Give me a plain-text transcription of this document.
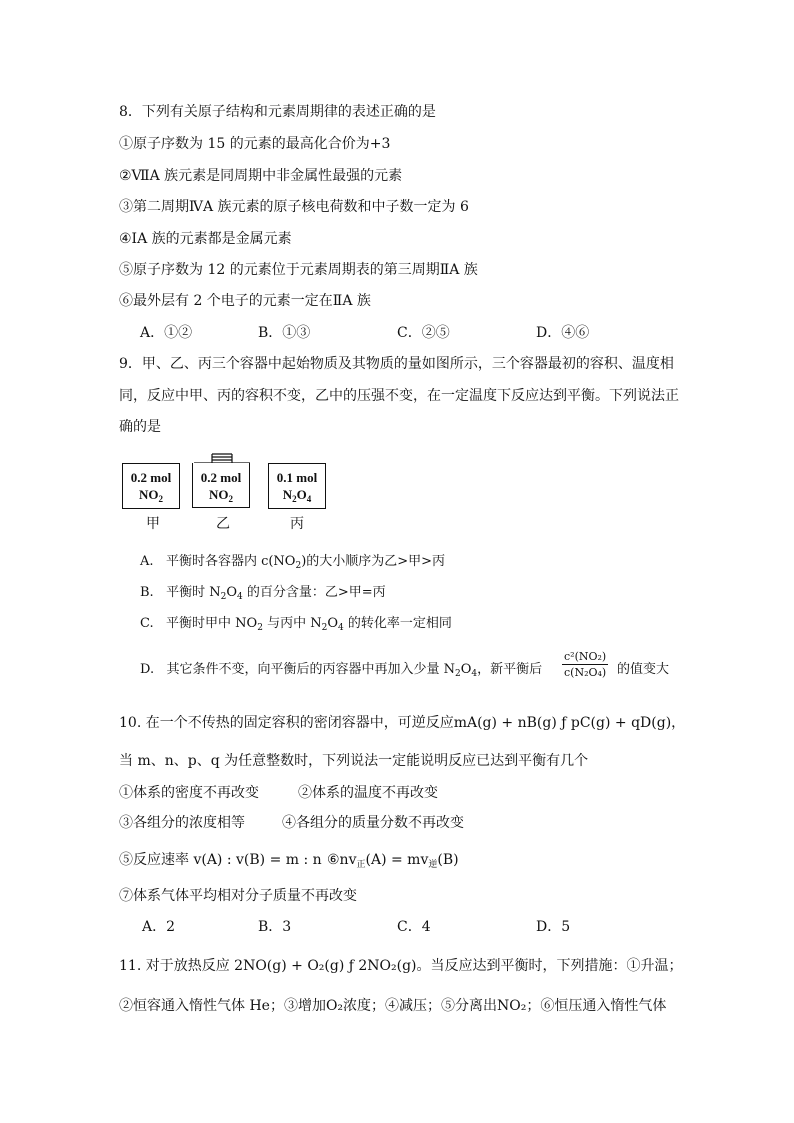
8．下列有关原子结构和元素周期律的表述正确的是
①原子序数为 15 的元素的最高化合价为+3
②ⅦA 族元素是同周期中非金属性最强的元素
③第二周期ⅣA 族元素的原子核电荷数和中子数一定为 6
④ⅠA 族的元素都是金属元素
⑤原子序数为 12 的元素位于元素周期表的第三周期ⅡA 族
⑥最外层有 2 个电子的元素一定在ⅡA 族
A．①②	B．①③	C．②⑤	D．④⑥
9．甲、乙、丙三个容器中起始物质及其物质的量如图所示，三个容器最初的容积、温度相
同，反应中甲、丙的容积不变，乙中的压强不变，在一定温度下反应达到平衡。下列说法正
确的是
0.2 mol
$NO_2$
甲
0.2 mol
$NO_2$
乙
0.1 mol
$N_2O_4$
丙
A. 平衡时各容器内 $c(NO_2)$的大小顺序为乙>甲>丙
B. 平衡时 $N_2O_4$ 的百分含量：乙>甲=丙
C. 平衡时甲中 $NO_2$ 与丙中 $N_2O_4$ 的转化率一定相同
D. 其它条件不变，向平衡后的丙容器中再加入少量 $N_2O_4$，新平衡后 $\frac{\text{c²(NO₂)}}{\text{c(N₂O₄)}}$ 的值变大
10. 在一个不传热的固定容积的密闭容器中，可逆反应mA(g) + nB(g) ƒ pC(g) + qD(g)，
当 m、n、p、q 为任意整数时，下列说法一定能说明反应已达到平衡有几个
①体系的密度不再改变	②体系的温度不再改变
③各组分的浓度相等	④各组分的质量分数不再改变
⑤反应速率 v(A) : v(B) = m : n $⑥nv_正(A) = mv_逆(B)$
⑦体系气体平均相对分子质量不再改变
A．2	B．3	C．4	D．5
11. 对于放热反应 2NO(g) + O₂(g) ƒ 2NO₂(g)。当反应达到平衡时，下列措施：①升温；
②恒容通入惰性气体 He；③增加O₂浓度；④减压；⑤分离出NO₂；⑥恒压通入惰性气体
